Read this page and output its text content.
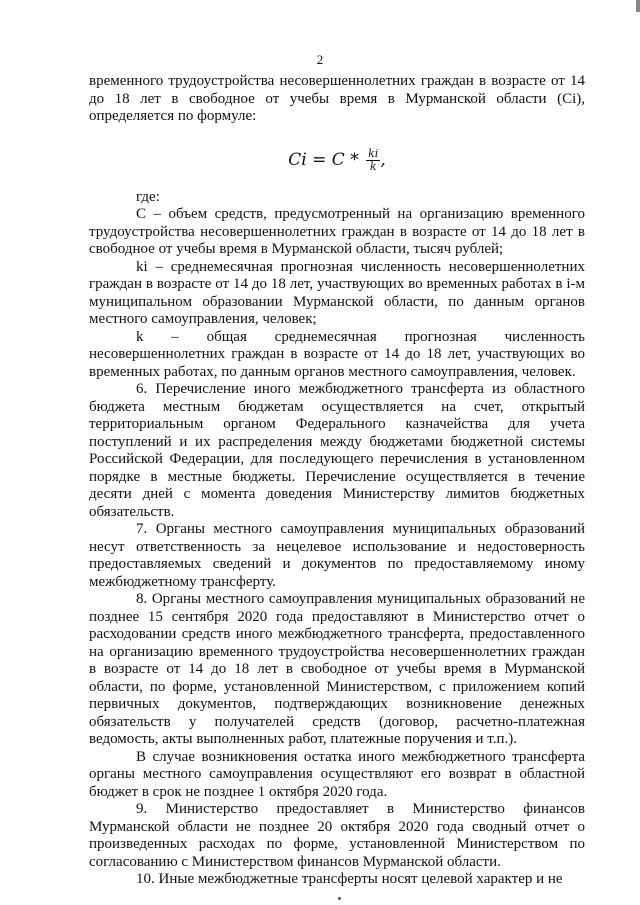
2

временного трудоустройства несовершеннолетних граждан в возрасте от 14 до 18 лет в свободное от учебы время в Мурманской области (Ci), определяется по формуле:

$Ci = C * \frac{ki}{k}$ ,

где:

С – объем средств, предусмотренный на организацию временного трудоустройства несовершеннолетних граждан в возрасте от 14 до 18 лет в свободное от учебы время в Мурманской области, тысяч рублей;

ki – среднемесячная прогнозная численность несовершеннолетних граждан в возрасте от 14 до 18 лет, участвующих во временных работах в i-м муниципальном образовании Мурманской области, по данным органов местного самоуправления, человек;

k – общая среднемесячная прогнозная численность несовершеннолетних граждан в возрасте от 14 до 18 лет, участвующих во временных работах, по данным органов местного самоуправления, человек.

6. Перечисление иного межбюджетного трансферта из областного бюджета местным бюджетам осуществляется на счет, открытый территориальным органом Федерального казначейства для учета поступлений и их распределения между бюджетами бюджетной системы Российской Федерации, для последующего перечисления в установленном порядке в местные бюджеты. Перечисление осуществляется в течение десяти дней с момента доведения Министерству лимитов бюджетных обязательств.

7. Органы местного самоуправления муниципальных образований несут ответственность за нецелевое использование и недостоверность предоставляемых сведений и документов по предоставляемому иному межбюджетному трансферту.

8. Органы местного самоуправления муниципальных образований не позднее 15 сентября 2020 года предоставляют в Министерство отчет о расходовании средств иного межбюджетного трансферта, предоставленного на организацию временного трудоустройства несовершеннолетних граждан в возрасте от 14 до 18 лет в свободное от учебы время в Мурманской области, по форме, установленной Министерством, с приложением копий первичных документов, подтверждающих возникновение денежных обязательств у получателей средств (договор, расчетно-платежная ведомость, акты выполненных работ, платежные поручения и т.п.).

В случае возникновения остатка иного межбюджетного трансферта органы местного самоуправления осуществляют его возврат в областной бюджет в срок не позднее 1 октября 2020 года.

9. Министерство предоставляет в Министерство финансов Мурманской области не позднее 20 октября 2020 года сводный отчет о произведенных расходах по форме, установленной Министерством по согласованию с Министерством финансов Мурманской области.

10. Иные межбюджетные трансферты носят целевой характер и не
